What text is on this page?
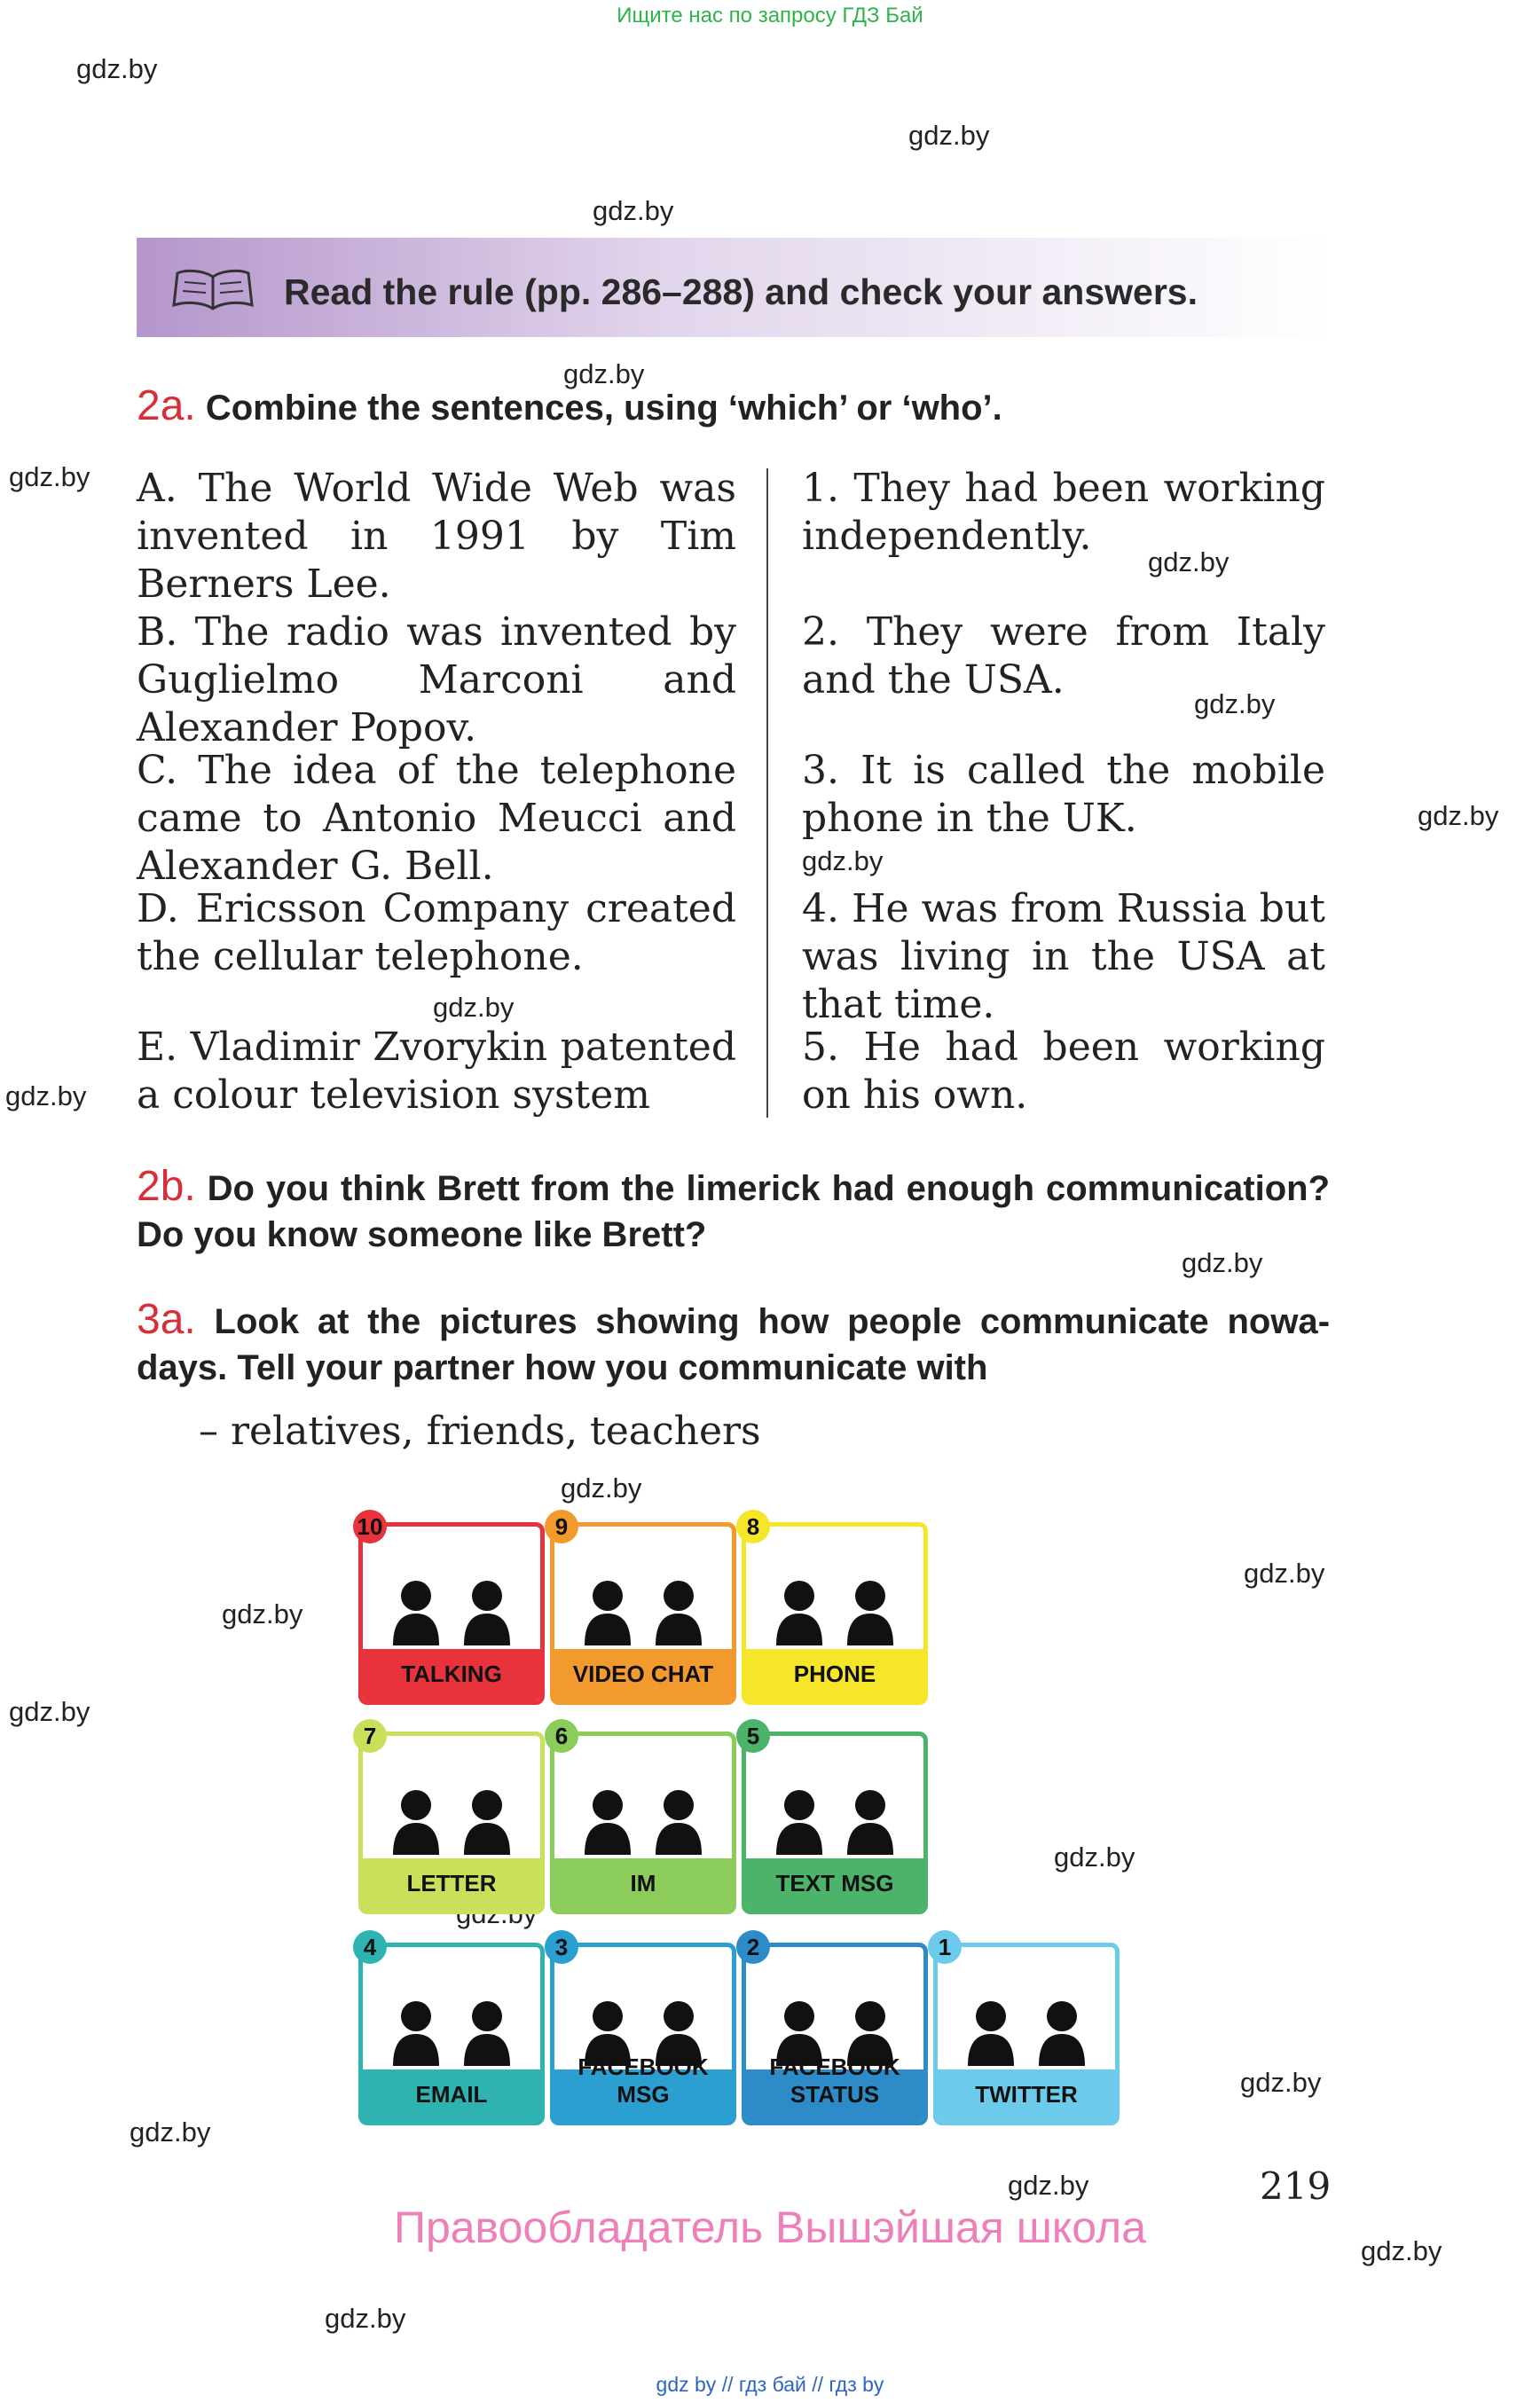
Ищите нас по запросу ГДЗ Бай
gdz.by
gdz.by
gdz.by
gdz.by
gdz.by
gdz.by
gdz.by
gdz.by
gdz.by
gdz.by
gdz.by
gdz.by
gdz.by
gdz.by
gdz.by
gdz.by
gdz.by
gdz.by
gdz.by
gdz.by
gdz.by
gdz.by
Read the rule (pp. 286–288) and check your answers.
2a. Combine the sentences, using ‘which’ or ‘who’.
A. The World Wide Web was invented in 1991 by Tim Berners Lee.
B. The radio was invented by Guglielmo Marconi and Alexander Popov.
C. The idea of the telephone came to Antonio Meucci and Alexander G. Bell.
D. Ericsson Company created the cellular telephone.
E. Vladimir Zvorykin patented a colour television system
1. They had been working independently.
2. They were from Italy and the USA.
3. It is called the mobile phone in the UK.
4. He was from Russia but was living in the USA at that time.
5. He had been working on his own.
2b. Do you think Brett from the limerick had enough communication? Do you know someone like Brett?
3a. Look at the pictures showing how people communicate nowadays. Tell your partner how you communicate with
– relatives, friends, teachers
TALKING
10
VIDEO CHAT
9
PHONE
8
LETTER
7
IM
6
TEXT MSG
5
EMAIL
4
FACEBOOK MSG
3
FACEBOOK STATUS
2
TWITTER
1
219
Правообладатель Вышэйшая школа
gdz by // гдз бай // гдз by
